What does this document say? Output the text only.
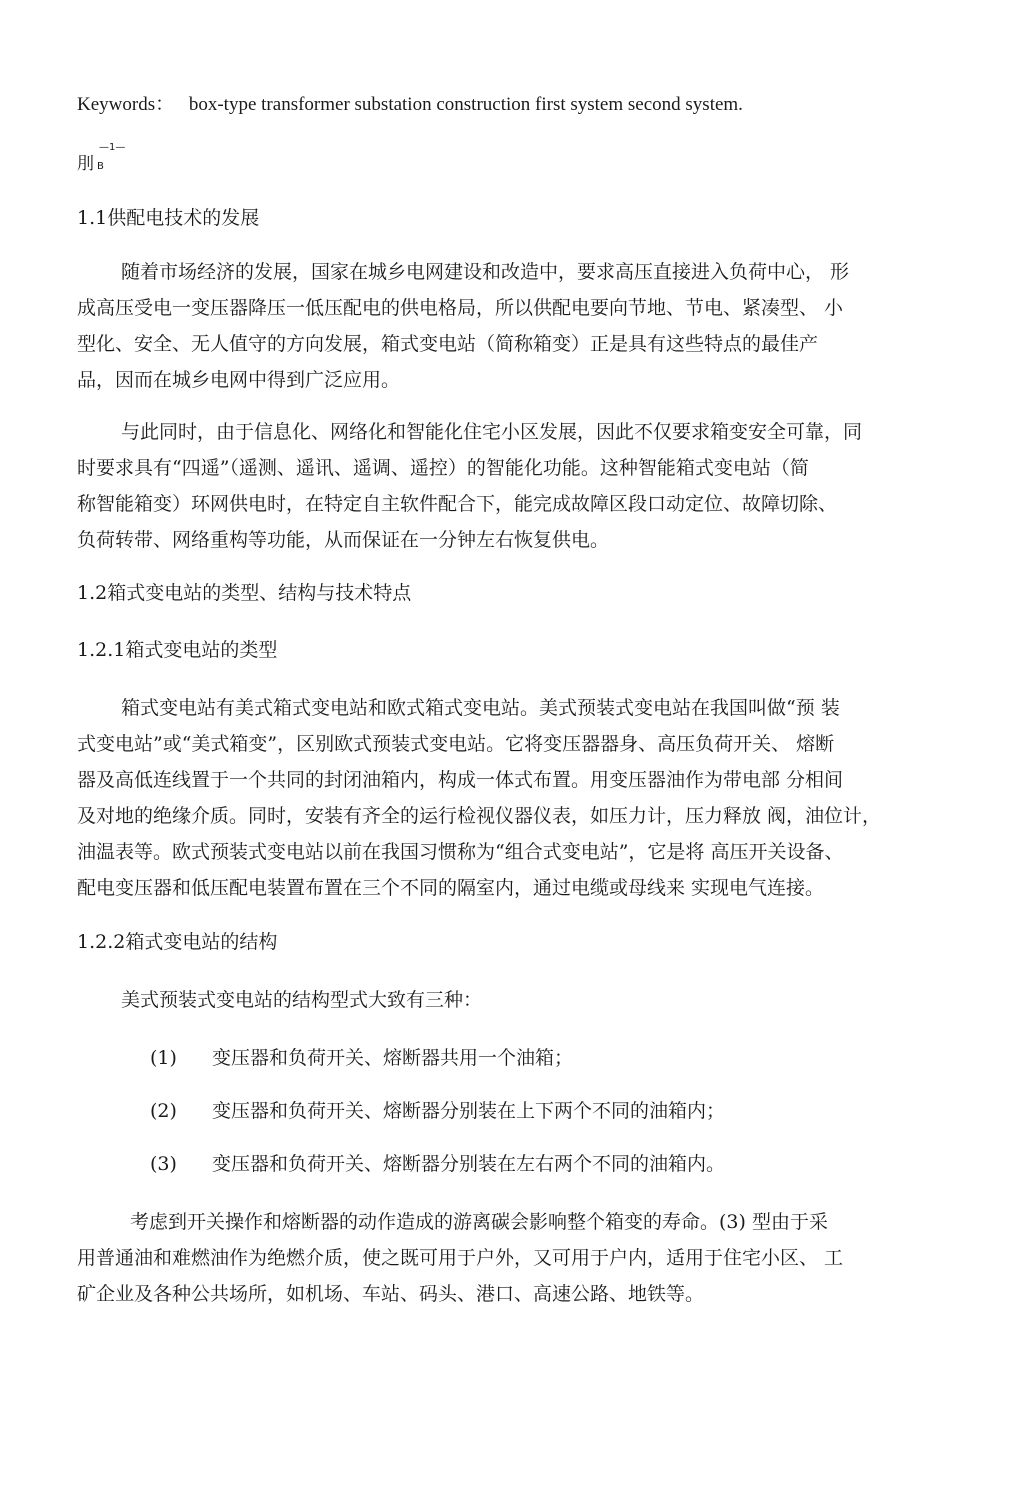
Keywords： box-type transformer substation construction first system second system.
—1—
刖 B
1.1供配电技术的发展
随着市场经济的发展，国家在城乡电网建设和改造中，要求高压直接进入负荷中心， 形
成高压受电一变压器降压一低压配电的供电格局，所以供配电要向节地、节电、紧凑型、 小
型化、安全、无人值守的方向发展，箱式变电站（简称箱变）正是具有这些特点的最佳产
品，因而在城乡电网中得到广泛应用。
与此同时，由于信息化、网络化和智能化住宅小区发展，因此不仅要求箱变安全可靠，同
时要求具有“四遥”（遥测、遥讯、遥调、遥控）的智能化功能。这种智能箱式变电站（简
称智能箱变）环网供电时，在特定自主软件配合下，能完成故障区段口动定位、故障切除、
负荷转带、网络重构等功能，从而保证在一分钟左右恢复供电。
1.2箱式变电站的类型、结构与技术特点
1.2.1箱式变电站的类型
箱式变电站有美式箱式变电站和欧式箱式变电站。美式预装式变电站在我国叫做“预 装
式变电站”或“美式箱变”，区别欧式预装式变电站。它将变压器器身、高压负荷开关、 熔断
器及高低连线置于一个共同的封闭油箱内，构成一体式布置。用变压器油作为带电部 分相间
及对地的绝缘介质。同时，安装有齐全的运行检视仪器仪表，如压力计，压力释放 阀，油位计，
油温表等。欧式预装式变电站以前在我国习惯称为“组合式变电站”，它是将 高压开关设备、
配电变压器和低压配电装置布置在三个不同的隔室内，通过电缆或母线来 实现电气连接。
1.2.2箱式变电站的结构
美式预装式变电站的结构型式大致有三种：
(1) 变压器和负荷开关、熔断器共用一个油箱；
(2) 变压器和负荷开关、熔断器分别装在上下两个不同的油箱内；
(3) 变压器和负荷开关、熔断器分别装在左右两个不同的油箱内。
考虑到开关操作和熔断器的动作造成的游离碳会影响整个箱变的寿命。(3) 型由于采
用普通油和难燃油作为绝燃介质，使之既可用于户外，又可用于户内，适用于住宅小区、 工
矿企业及各种公共场所，如机场、车站、码头、港口、高速公路、地铁等。
